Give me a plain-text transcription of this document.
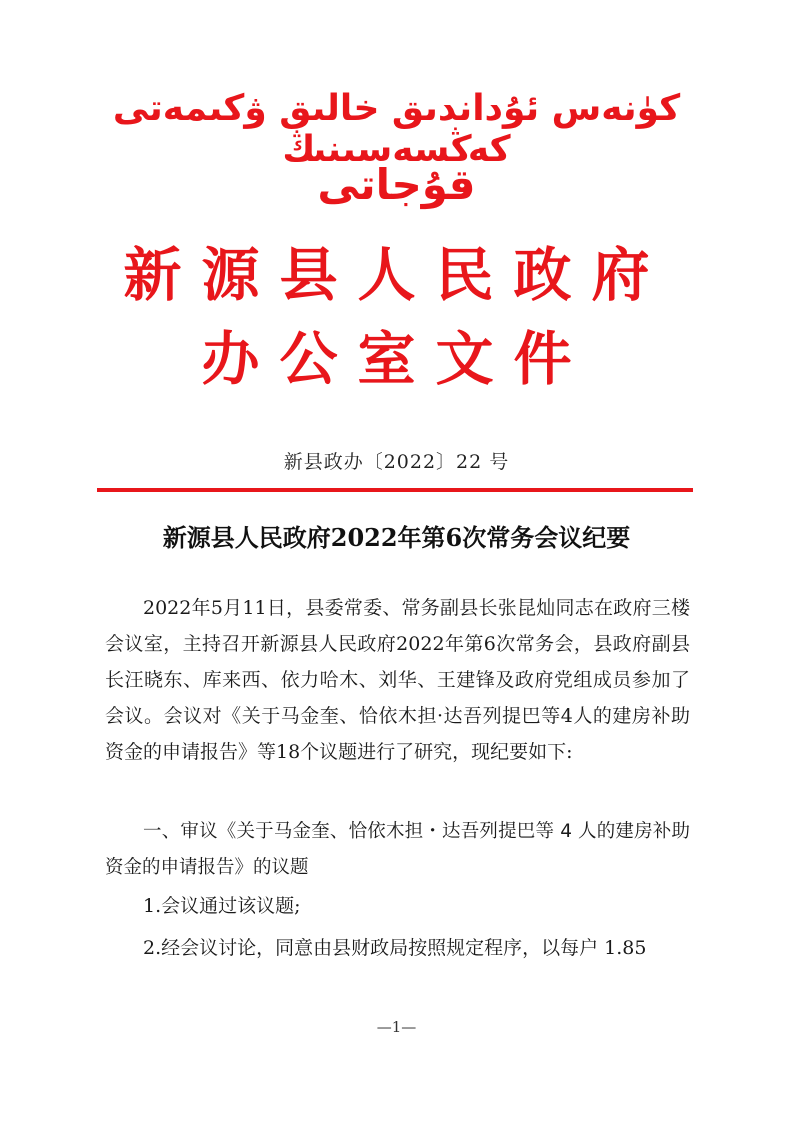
كۈنەس ئۇداندىق خالىق ۋكىمەتى كەڭسەسىنىڭ
قۇجاتى
新源县人民政府
办公室文件
新县政办〔2022〕22 号
新源县人民政府2022年第6次常务会议纪要
2022年5月11日，县委常委、常务副县长张昆灿同志在政府三楼会议室，主持召开新源县人民政府2022年第6次常务会，县政府副县长汪晓东、库来西、依力哈木、刘华、王建锋及政府党组成员参加了会议。会议对《关于马金奎、恰依木担·达吾列提巴等4人的建房补助资金的申请报告》等18个议题进行了研究，现纪要如下:
一、审议《关于马金奎、恰依木担・达吾列提巴等 4 人的建房补助资金的申请报告》的议题
1.会议通过该议题;
2.经会议讨论，同意由县财政局按照规定程序，以每户 1.85
—1—
